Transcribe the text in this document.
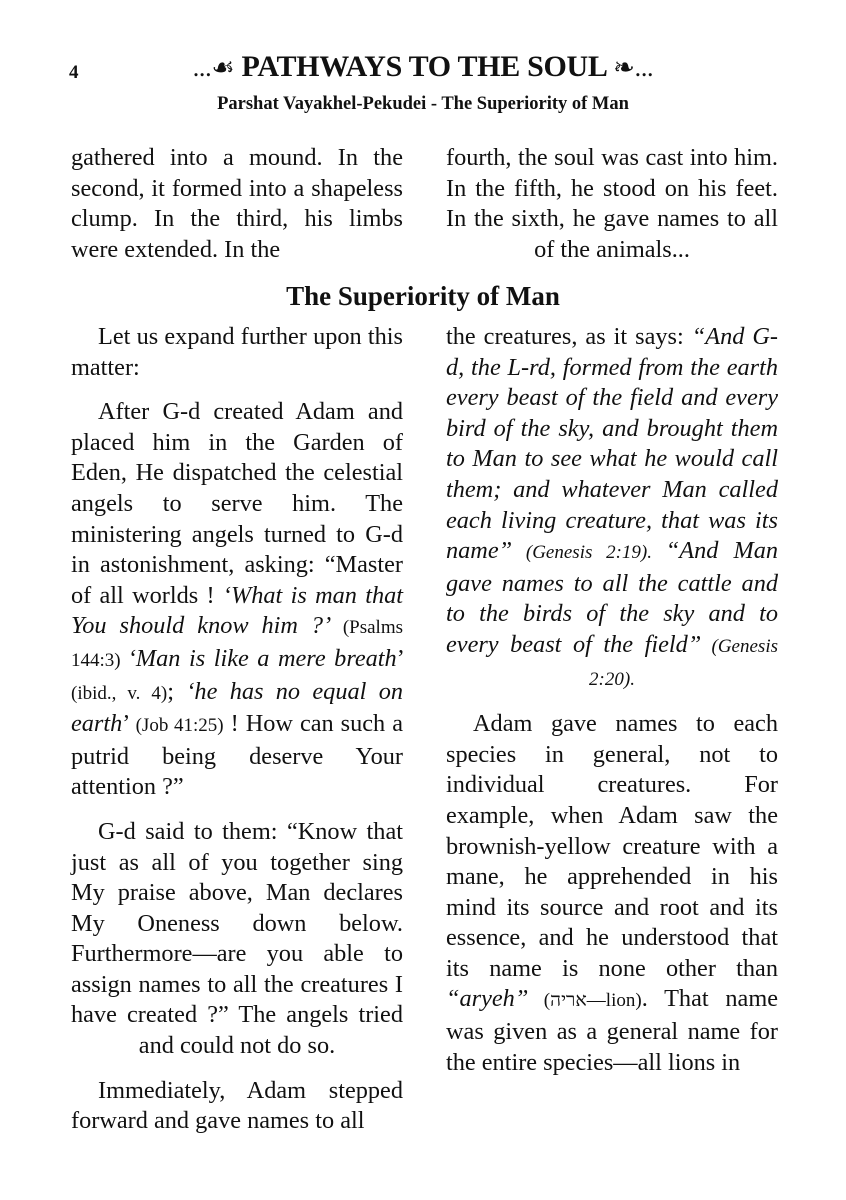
4	...☙ PATHWAYS TO THE SOUL ❧...
Parshat Vayakhel-Pekudei - The Superiority of Man

gathered into a mound. In the second, it formed into a shapeless clump. In the third, his limbs were extended. In the

fourth, the soul was cast into him. In the fifth, he stood on his feet. In the sixth, he gave names to all of the animals...

The Superiority of Man

Let us expand further upon this matter:

After G-d created Adam and placed him in the Garden of Eden, He dispatched the celestial angels to serve him. The ministering angels turned to G-d in astonishment, asking: “Master of all worlds ! ‘What is man that You should know him ?’ (Psalms 144:3) ‘Man is like a mere breath’ (ibid., v. 4); ‘he has no equal on earth’ (Job 41:25) ! How can such a putrid being deserve Your attention ?”

G-d said to them: “Know that just as all of you together sing My praise above, Man declares My Oneness down below. Furthermore—are you able to assign names to all the creatures I have created ?” The angels tried and could not do so.

Immediately, Adam stepped forward and gave names to all

the creatures, as it says: “And G-d, the L-rd, formed from the earth every beast of the field and every bird of the sky, and brought them to Man to see what he would call them; and whatever Man called each living creature, that was its name” (Genesis 2:19). “And Man gave names to all the cattle and to the birds of the sky and to every beast of the field” (Genesis 2:20).

Adam gave names to each species in general, not to individual creatures. For example, when Adam saw the brownish-yellow creature with a mane, he apprehended in his mind its source and root and its essence, and he understood that its name is none other than “aryeh” (אריה—lion). That name was given as a general name for the entire species—all lions in
